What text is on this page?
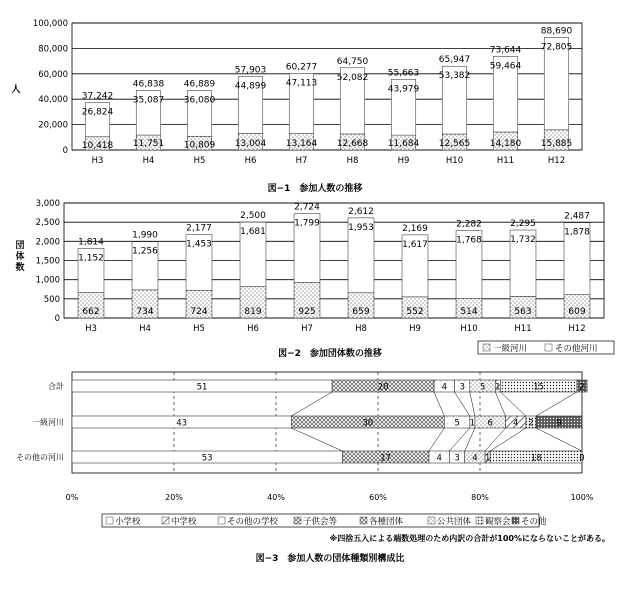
0
20,000
40,000
60,000
80,000
100,000
10,418
26,824
37,242
H3
11,751
35,087
46,838
H4
10,809
36,080
46,889
H5
13,004
44,899
57,903
H6
13,164
47,113
60,277
H7
12,668
52,082
64,750
H8
11,684
43,979
55,663
H9
12,565
53,382
65,947
H10
14,180
59,464
73,644
H11
15,885
72,805
88,690
H12
人
図−1　参加人数の推移
0
500
1,000
1,500
2,000
2,500
3,000
662
1,152
1,814
H3
734
1,256
1,990
H4
724
1,453
2,177
H5
819
1,681
2,500
H6
925
1,799
2,724
H7
659
1,953
2,612
H8
552
1,617
2,169
H9
514
1,768
2,282
H10
563
1,732
2,295
H11
609
1,878
2,487
H12
団体数
図−2　参加団体数の推移	一級河川	その他河川
0%	20%	40%	60%	80%	100%
51	20	4 3 5 1	15	2
合計
43	30	5 1 6 4 2	9
一級河川
53	17	4 3 4 1	18	0
その他の河川
小学校	中学校	その他の学校	子供会等	各種団体	公共団体 観察会 その他
※四捨五入による端数処理のため内訳の合計が100%にならないことがある。
図−3　参加人数の団体種類別構成比
